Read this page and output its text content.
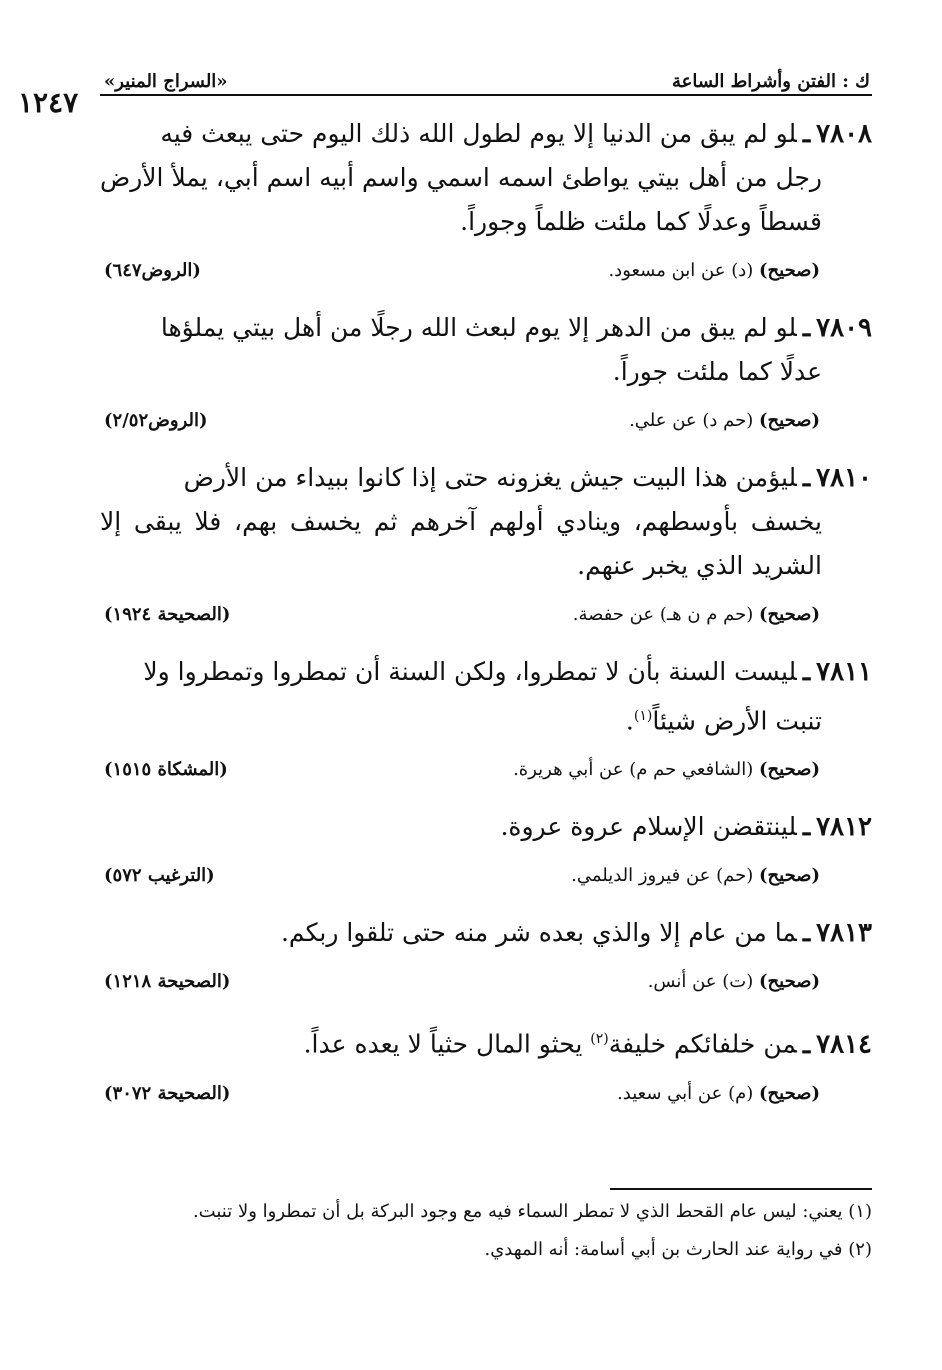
ك : الفتن وأشراط الساعة
«السراج المنير»
١٢٤٧
٧٨٠٨ـلو لم يبق من الدنيا إلا يوم لطول الله ذلك اليوم حتى يبعث فيه
رجل من أهل بيتي يواطئ اسمه اسمي واسم أبيه اسم أبي، يملأ الأرض قسطاً وعدلًا كما ملئت ظلماً وجوراً.
(صحيح) (د) عن ابن مسعود.
(الروض٦٤٧)
٧٨٠٩ـلو لم يبق من الدهر إلا يوم لبعث الله رجلًا من أهل بيتي يملؤها
عدلًا كما ملئت جوراً.
(صحيح) (حم د) عن علي.
(الروض٢/٥٢)
٧٨١٠ـليؤمن هذا البيت جيش يغزونه حتى إذا كانوا ببيداء من الأرض
يخسف بأوسطهم، وينادي أولهم آخرهم ثم يخسف بهم، فلا يبقى إلا الشريد الذي يخبر عنهم.
(صحيح) (حم م ن هـ) عن حفصة.
(الصحيحة ١٩٢٤)
٧٨١١ـليست السنة بأن لا تمطروا، ولكن السنة أن تمطروا وتمطروا ولا
تنبت الأرض شيئاً$^{(١)}$.
(صحيح) (الشافعي حم م) عن أبي هريرة.
(المشكاة ١٥١٥)
٧٨١٢ـلينتقضن الإسلام عروة عروة.
(صحيح) (حم) عن فيروز الديلمي.
(الترغيب ٥٧٢)
٧٨١٣ـما من عام إلا والذي بعده شر منه حتى تلقوا ربكم.
(صحيح) (ت) عن أنس.
(الصحيحة ١٢١٨)
٧٨١٤ـمن خلفائكم خليفة$^{(٢)}$ يحثو المال حثياً لا يعده عداً.
(صحيح) (م) عن أبي سعيد.
(الصحيحة ٣٠٧٢)
(١) يعني: ليس عام القحط الذي لا تمطر السماء فيه مع وجود البركة بل أن تمطروا ولا تنبت.
(٢) في رواية عند الحارث بن أبي أسامة: أنه المهدي.
